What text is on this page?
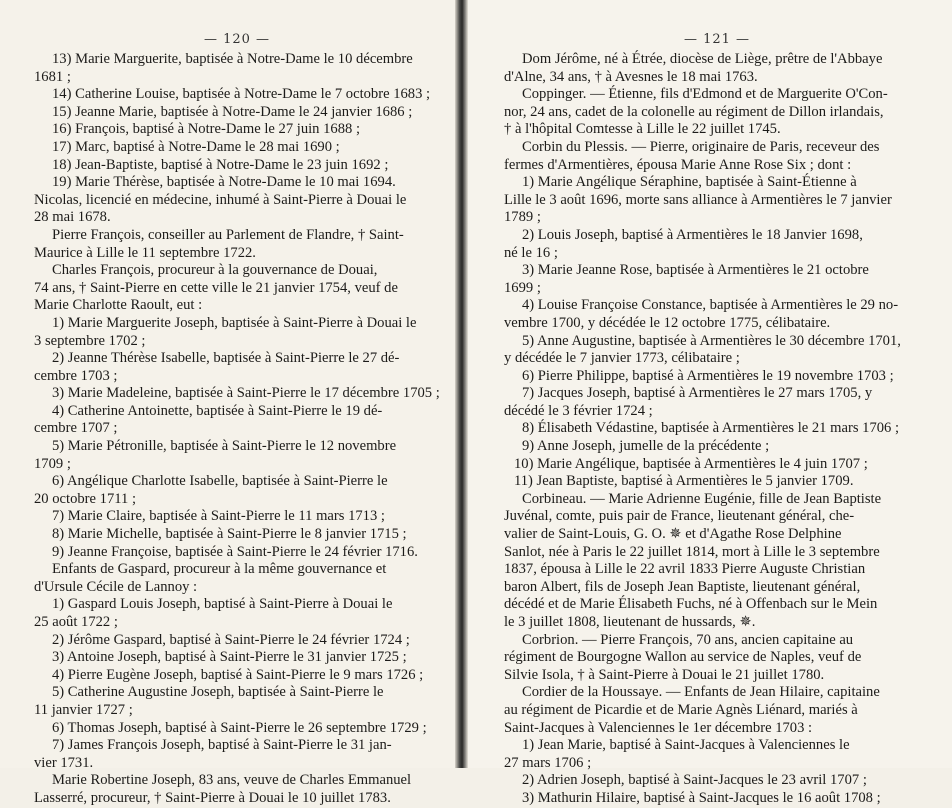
— 120 —
13) Marie Marguerite, baptisée à Notre-Dame le 10 décembre
1681 ;
14) Catherine Louise, baptisée à Notre-Dame le 7 octobre 1683 ;
15) Jeanne Marie, baptisée à Notre-Dame le 24 janvier 1686 ;
16) François, baptisé à Notre-Dame le 27 juin 1688 ;
17) Marc, baptisé à Notre-Dame le 28 mai 1690 ;
18) Jean-Baptiste, baptisé à Notre-Dame le 23 juin 1692 ;
19) Marie Thérèse, baptisée à Notre-Dame le 10 mai 1694.
Nicolas, licencié en médecine, inhumé à Saint-Pierre à Douai le
28 mai 1678.
Pierre François, conseiller au Parlement de Flandre, † Saint-
Maurice à Lille le 11 septembre 1722.
Charles François, procureur à la gouvernance de Douai,
74 ans, † Saint-Pierre en cette ville le 21 janvier 1754, veuf de
Marie Charlotte Raoult, eut :
1) Marie Marguerite Joseph, baptisée à Saint-Pierre à Douai le
3 septembre 1702 ;
2) Jeanne Thérèse Isabelle, baptisée à Saint-Pierre le 27 dé-
cembre 1703 ;
3) Marie Madeleine, baptisée à Saint-Pierre le 17 décembre 1705 ;
4) Catherine Antoinette, baptisée à Saint-Pierre le 19 dé-
cembre 1707 ;
5) Marie Pétronille, baptisée à Saint-Pierre le 12 novembre
1709 ;
6) Angélique Charlotte Isabelle, baptisée à Saint-Pierre le
20 octobre 1711 ;
7) Marie Claire, baptisée à Saint-Pierre le 11 mars 1713 ;
8) Marie Michelle, baptisée à Saint-Pierre le 8 janvier 1715 ;
9) Jeanne Françoise, baptisée à Saint-Pierre le 24 février 1716.
Enfants de Gaspard, procureur à la même gouvernance et
d'Ursule Cécile de Lannoy :
1) Gaspard Louis Joseph, baptisé à Saint-Pierre à Douai le
25 août 1722 ;
2) Jérôme Gaspard, baptisé à Saint-Pierre le 24 février 1724 ;
3) Antoine Joseph, baptisé à Saint-Pierre le 31 janvier 1725 ;
4) Pierre Eugène Joseph, baptisé à Saint-Pierre le 9 mars 1726 ;
5) Catherine Augustine Joseph, baptisée à Saint-Pierre le
11 janvier 1727 ;
6) Thomas Joseph, baptisé à Saint-Pierre le 26 septembre 1729 ;
7) James François Joseph, baptisé à Saint-Pierre le 31 jan-
vier 1731.
Marie Robertine Joseph, 83 ans, veuve de Charles Emmanuel
Lasserré, procureur, † Saint-Pierre à Douai le 10 juillet 1783.
— 121 —
Dom Jérôme, né à Étrée, diocèse de Liège, prêtre de l'Abbaye
d'Alne, 34 ans, † à Avesnes le 18 mai 1763.
Coppinger. — Étienne, fils d'Edmond et de Marguerite O'Con-
nor, 24 ans, cadet de la colonelle au régiment de Dillon irlandais,
† à l'hôpital Comtesse à Lille le 22 juillet 1745.
Corbin du Plessis. — Pierre, originaire de Paris, receveur des
fermes d'Armentières, épousa Marie Anne Rose Six ; dont :
1) Marie Angélique Séraphine, baptisée à Saint-Étienne à
Lille le 3 août 1696, morte sans alliance à Armentières le 7 janvier
1789 ;
2) Louis Joseph, baptisé à Armentières le 18 Janvier 1698,
né le 16 ;
3) Marie Jeanne Rose, baptisée à Armentières le 21 octobre
1699 ;
4) Louise Françoise Constance, baptisée à Armentières le 29 no-
vembre 1700, y décédée le 12 octobre 1775, célibataire.
5) Anne Augustine, baptisée à Armentières le 30 décembre 1701,
y décédée le 7 janvier 1773, célibataire ;
6) Pierre Philippe, baptisé à Armentières le 19 novembre 1703 ;
7) Jacques Joseph, baptisé à Armentières le 27 mars 1705, y
décédé le 3 février 1724 ;
8) Élisabeth Védastine, baptisée à Armentières le 21 mars 1706 ;
9) Anne Joseph, jumelle de la précédente ;
10) Marie Angélique, baptisée à Armentières le 4 juin 1707 ;
11) Jean Baptiste, baptisé à Armentières le 5 janvier 1709.
Corbineau. — Marie Adrienne Eugénie, fille de Jean Baptiste
Juvénal, comte, puis pair de France, lieutenant général, che-
valier de Saint-Louis, G. O. ✵ et d'Agathe Rose Delphine
Sanlot, née à Paris le 22 juillet 1814, mort à Lille le 3 septembre
1837, épousa à Lille le 22 avril 1833 Pierre Auguste Christian
baron Albert, fils de Joseph Jean Baptiste, lieutenant général,
décédé et de Marie Élisabeth Fuchs, né à Offenbach sur le Mein
le 3 juillet 1808, lieutenant de hussards, ✵.
Corbrion. — Pierre François, 70 ans, ancien capitaine au
régiment de Bourgogne Wallon au service de Naples, veuf de
Silvie Isola, † à Saint-Pierre à Douai le 21 juillet 1780.
Cordier de la Houssaye. — Enfants de Jean Hilaire, capitaine
au régiment de Picardie et de Marie Agnès Liénard, mariés à
Saint-Jacques à Valenciennes le 1er décembre 1703 :
1) Jean Marie, baptisé à Saint-Jacques à Valenciennes le
27 mars 1706 ;
2) Adrien Joseph, baptisé à Saint-Jacques le 23 avril 1707 ;
3) Mathurin Hilaire, baptisé à Saint-Jacques le 16 août 1708 ;
